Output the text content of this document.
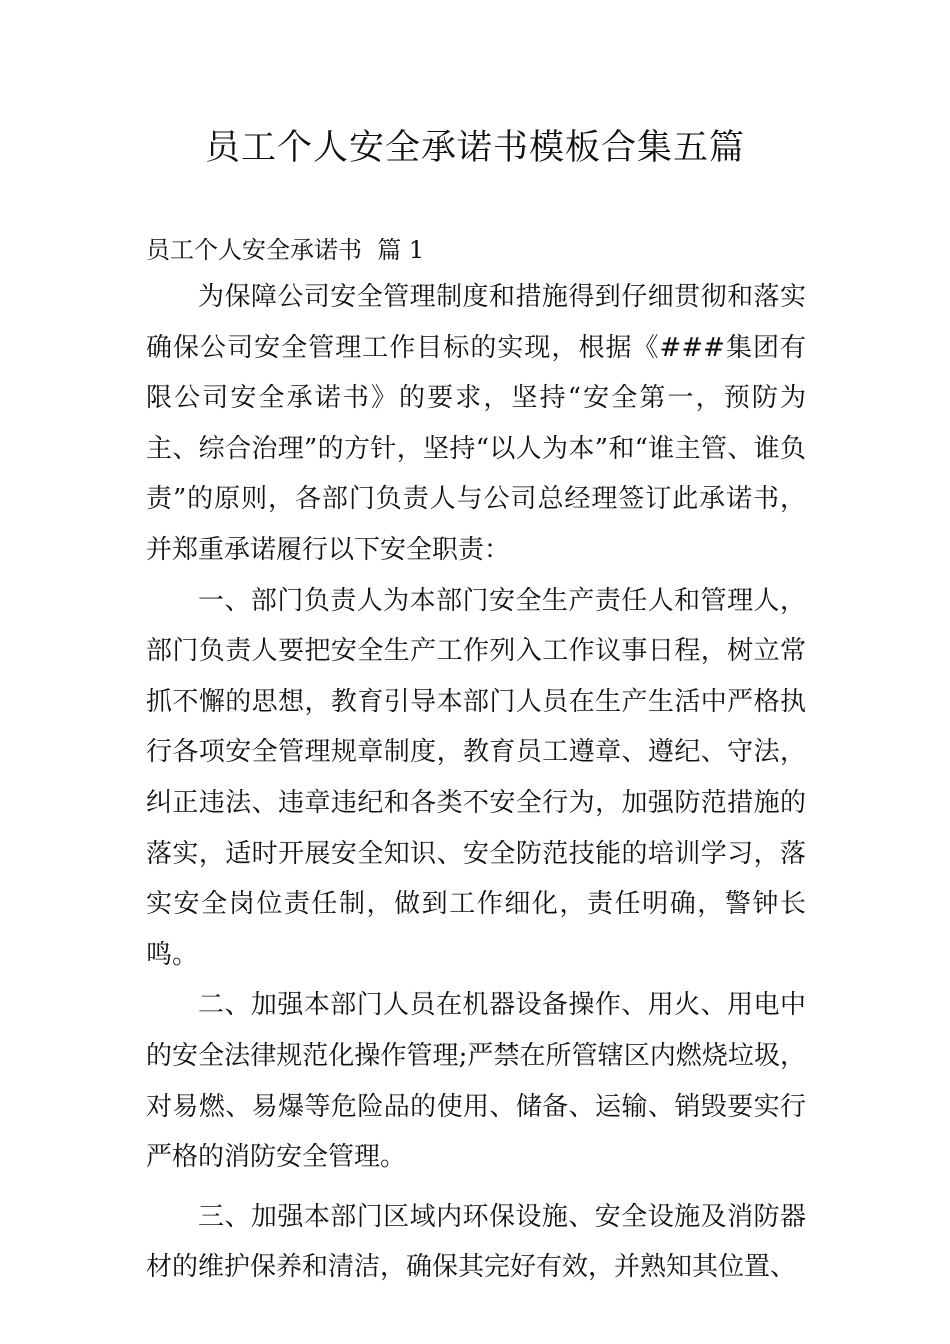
员工个人安全承诺书模板合集五篇
员工个人安全承诺书  篇 1

为保障公司安全管理制度和措施得到仔细贯彻和落实确保公司安全管理工作目标的实现，根据《###集团有限公司安全承诺书》的要求，坚持“安全第一，预防为主、综合治理”的方针，坚持“以人为本”和“谁主管、谁负责”的原则，各部门负责人与公司总经理签订此承诺书，并郑重承诺履行以下安全职责：

一、部门负责人为本部门安全生产责任人和管理人，部门负责人要把安全生产工作列入工作议事日程，树立常抓不懈的思想，教育引导本部门人员在生产生活中严格执行各项安全管理规章制度，教育员工遵章、遵纪、守法，纠正违法、违章违纪和各类不安全行为，加强防范措施的落实，适时开展安全知识、安全防范技能的培训学习，落实安全岗位责任制，做到工作细化，责任明确，警钟长鸣。

二、加强本部门人员在机器设备操作、用火、用电中的安全法律规范化操作管理;严禁在所管辖区内燃烧垃圾，对易燃、易爆等危险品的使用、储备、运输、销毁要实行严格的消防安全管理。

三、加强本部门区域内环保设施、安全设施及消防器材的维护保养和清洁，确保其完好有效，并熟知其位置、
